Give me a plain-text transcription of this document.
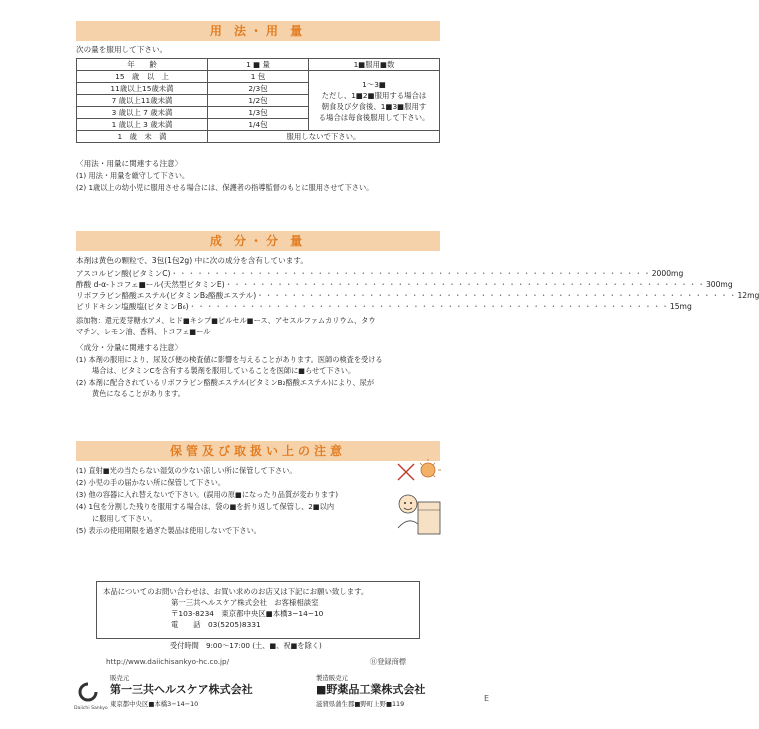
用 法・用 量
次の量を服用して下さい。
年　　齢	1 ■ 量	1■服用■数
15　歳　以　上	1 包	1〜3■
ただし、1■2■服用する場合は
朝食及び夕食後、1■3■服用す
る場合は毎食後服用して下さい。

11歳以上15歳未満	2/3包	
7 歳以上11歳未満	1/2包	
3 歳以上 7 歳未満	1/3包	
1 歳以上 3 歳未満	1/4包	
1　歳　未　満	服用しないで下さい。	
〈用法・用量に関連する注意〉
(1) 用法・用量を厳守して下さい。
(2) 1歳以上の幼小児に服用させる場合には、保護者の指導監督のもとに服用させて下さい。
成 分・分 量
本剤は黄色の顆粒で、3包(1包2g) 中に次の成分を含有しています。
アスコルビン酸(ビタミンC) ・・・・・・・・・・・・・・・・・・・・・・・・・・・・・・・・・・・・・・・・・・・・・・・・・・・・・・・・ 2000mg
酢酸 d-α-トコフェ■ール(天然型ビタミンE) ・・・・・・・・・・・・・・・・・・・・・・・・・・・・・・・・・・・・・・・・・・・・・・・・・・・・・・・・ 300mg
リボフラビン酪酸エステル(ビタミンB₂酪酸エステル) ・・・・・・・・・・・・・・・・・・・・・・・・・・・・・・・・・・・・・・・・・・・・・・・・・・・・・・・・ 12mg
ピリドキシン塩酸塩(ビタミンB₆) ・・・・・・・・・・・・・・・・・・・・・・・・・・・・・・・・・・・・・・・・・・・・・・・・・・・・・・・・ 15mg
添加物：還元麦芽糖水アメ、ヒド■キシプ■ピルセル■ース、アセスルファムカリウム、タウ
マチン、レモン油、香料、トコフェ■ール
〈成分・分量に関連する注意〉
(1) 本剤の服用により、尿及び便の検査値に影響を与えることがあります。医師の検査を受ける
場合は、ビタミンCを含有する製剤を服用していることを医師に■らせて下さい。
(2) 本剤に配合されているリボフラビン酪酸エステル(ビタミンB₂酪酸エステル)により、尿が
黄色になることがあります。
保管及び取扱い上の注意
(1) 直射■光の当たらない湿気の少ない涼しい所に保管して下さい。
(2) 小児の手の届かない所に保管して下さい。
(3) 他の容器に入れ替えないで下さい。(誤用の原■になったり品質が変わります)
(4) 1包を分割した残りを服用する場合は、袋の■を折り返して保管し、2■以内
に服用して下さい。
(5) 表示の使用期限を過ぎた製品は使用しないで下さい。
本品についてのお問い合わせは、お買い求めのお店又は下記にお願い致します。
第一三共ヘルスケア株式会社　お客様相談室
〒103-8234　東京都中央区■本橋3−14−10
電　　話　03(5205)8331
受付時間　9:00〜17:00 (土、■、祝■を除く)
http://www.daiichisankyo-hc.co.jp/	Ⓡ登録商標
Daiichi Sankyo
販売元
第一三共ヘルスケア株式会社
東京都中央区■本橋3−14−10
製造販売元
■野薬品工業株式会社
滋賀県蒲生郡■野町上野■119
E
